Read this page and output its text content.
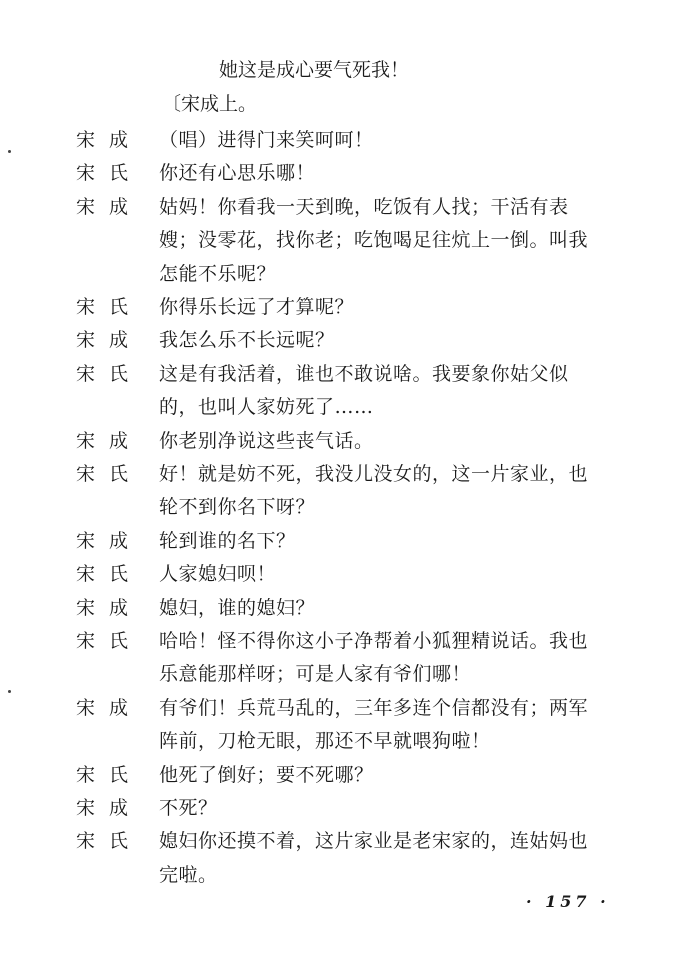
她这是成心要气死我！
〔宋成上。
宋成 （唱）进得门来笑呵呵！
宋氏 你还有心思乐哪！
宋成 姑妈！你看我一天到晚，吃饭有人找；干活有表
嫂；没零花，找你老；吃饱喝足往炕上一倒。叫我
怎能不乐呢？
宋氏 你得乐长远了才算呢？
宋成 我怎么乐不长远呢？
宋氏 这是有我活着，谁也不敢说啥。我要象你姑父似
的，也叫人家妨死了……
宋成 你老别净说这些丧气话。
宋氏 好！就是妨不死，我没儿没女的，这一片家业，也
轮不到你名下呀？
宋成 轮到谁的名下？
宋氏 人家媳妇呗！
宋成 媳妇，谁的媳妇？
宋氏 哈哈！怪不得你这小子净帮着小狐狸精说话。我也
乐意能那样呀；可是人家有爷们哪！
宋成 有爷们！兵荒马乱的，三年多连个信都没有；两军
阵前，刀枪无眼，那还不早就喂狗啦！
宋氏 他死了倒好；要不死哪？
宋成 不死？
宋氏 媳妇你还摸不着，这片家业是老宋家的，连姑妈也
完啦。
· 157 ·
